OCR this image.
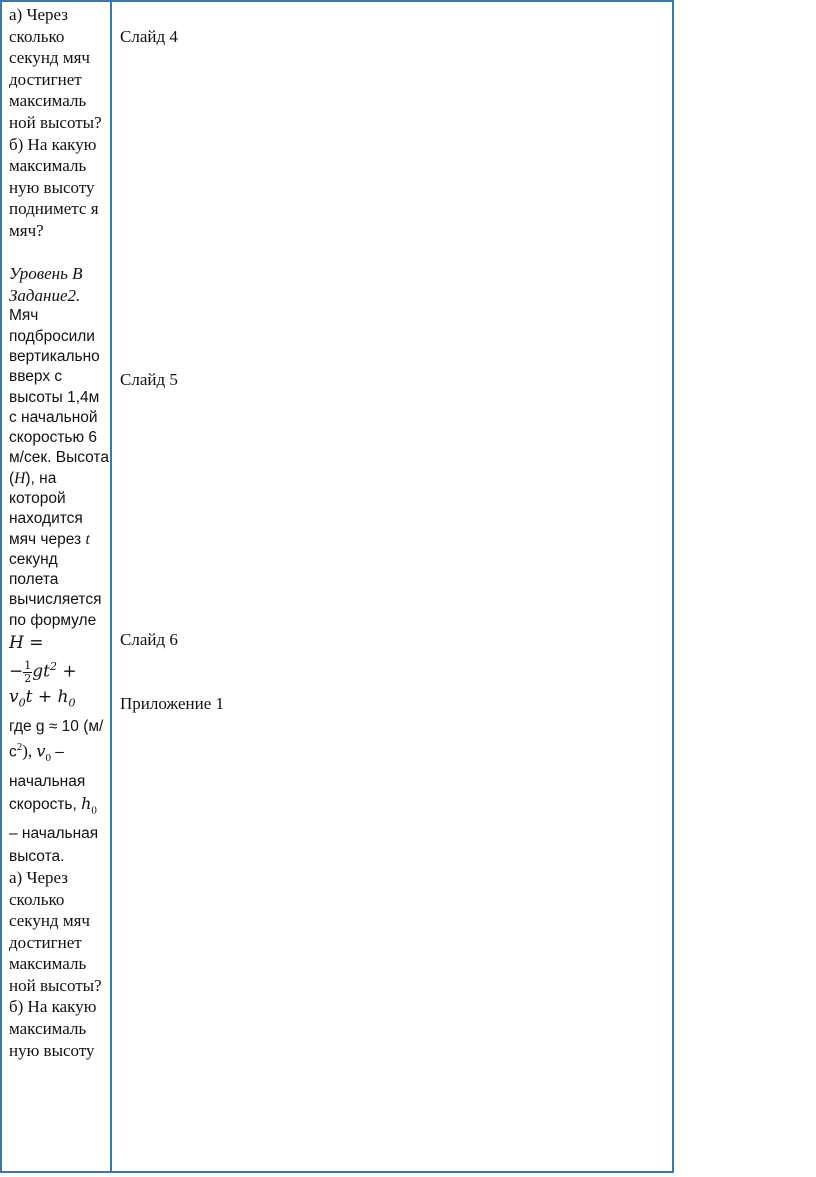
а) Через сколько секунд мяч достигнет максималь ной высоты?

б) На какую максималь ную высоту подниметс я мяч?

Уровень В

Задание2.

Мяч подбросили вертикально вверх с высоты 1,4м с начальной скоростью 6 м/сек. Высота (H), на которой находится мяч через t секунд полета вычисляется по формуле

H =
− $\frac{1}{2} gt^2$ +
$v_0t + h_0$

где g ≈ 10 $(м/с^2)$, $v_0$ – начальная скорость, $h_0$ – начальная высота.

а) Через сколько секунд мяч достигнет максималь ной высоты?

б) На какую максималь ную высоту

Слайд 4
Слайд 5
Слайд 6
Приложение 1
